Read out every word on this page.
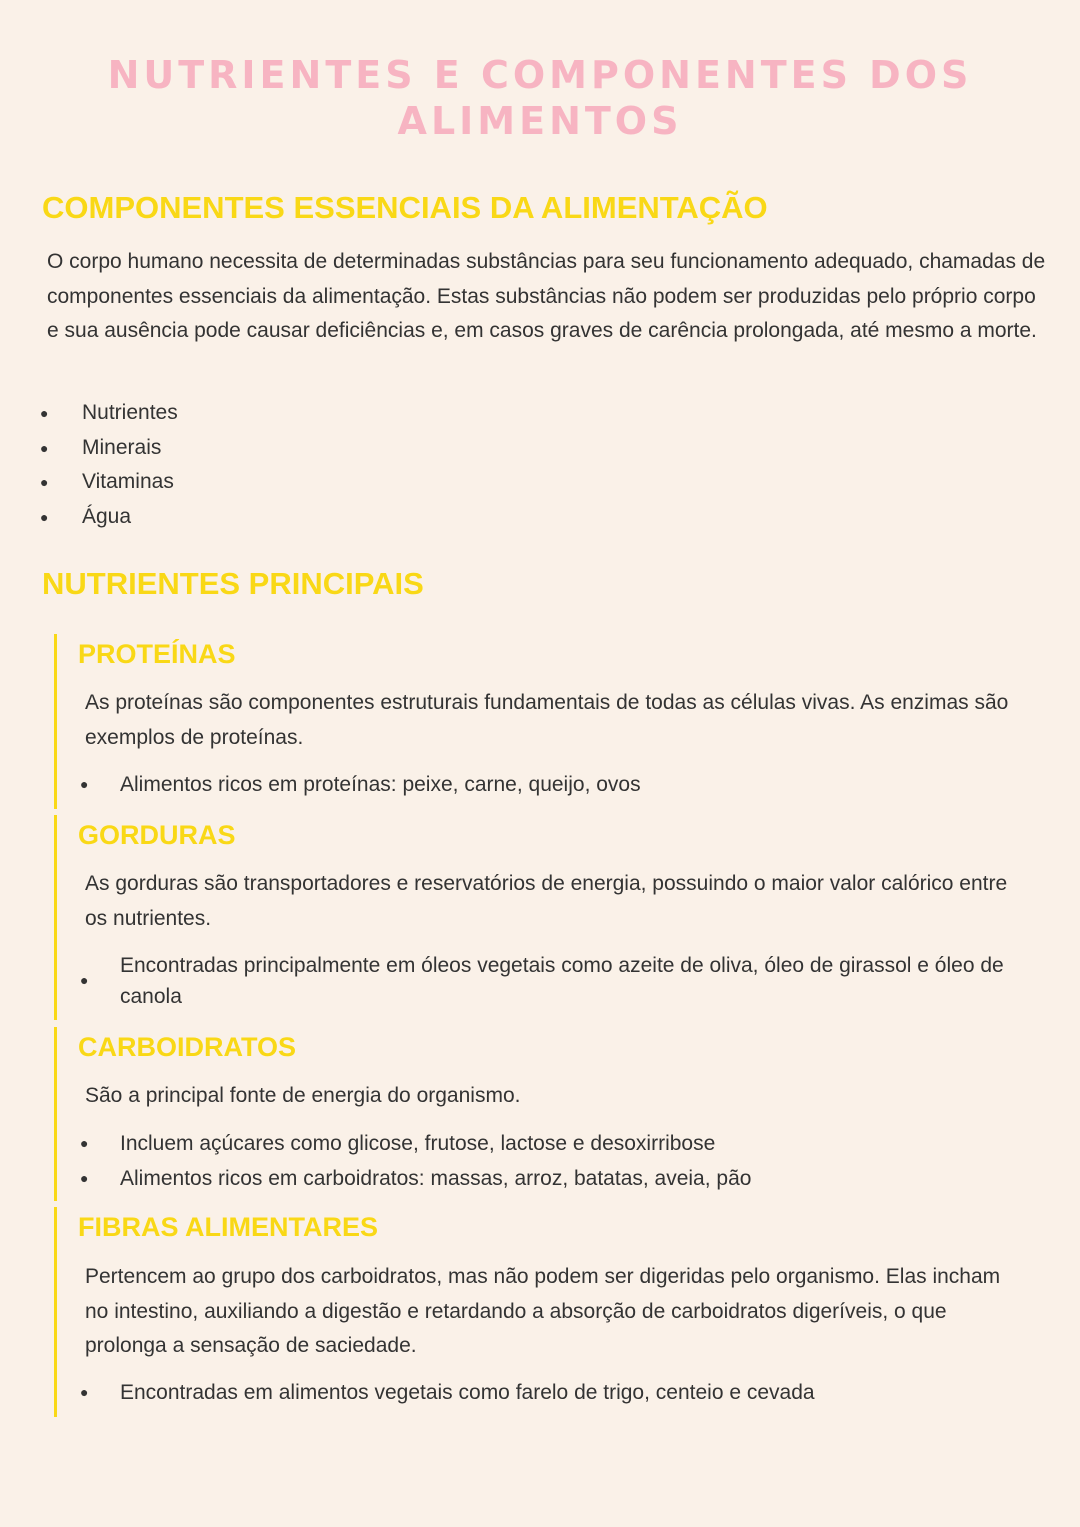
NUTRIENTES E COMPONENTES DOS
ALIMENTOS
COMPONENTES ESSENCIAIS DA ALIMENTAÇÃO
O corpo humano necessita de determinadas substâncias para seu funcionamento adequado, chamadas de componentes essenciais da alimentação. Estas substâncias não podem ser produzidas pelo próprio corpo e sua ausência pode causar deficiências e, em casos graves de carência prolongada, até mesmo a morte.
● Nutrientes
● Minerais
● Vitaminas
● Água
NUTRIENTES PRINCIPAIS
PROTEÍNAS
As proteínas são componentes estruturais fundamentais de todas as células vivas. As enzimas são exemplos de proteínas.
● Alimentos ricos em proteínas: peixe, carne, queijo, ovos
GORDURAS
As gorduras são transportadores e reservatórios de energia, possuindo o maior valor calórico entre os nutrientes.
●
Encontradas principalmente em óleos vegetais como azeite de oliva, óleo de girassol e óleo de canola
CARBOIDRATOS
São a principal fonte de energia do organismo.
● Incluem açúcares como glicose, frutose, lactose e desoxirribose
● Alimentos ricos em carboidratos: massas, arroz, batatas, aveia, pão
FIBRAS ALIMENTARES
Pertencem ao grupo dos carboidratos, mas não podem ser digeridas pelo organismo. Elas incham no intestino, auxiliando a digestão e retardando a absorção de carboidratos digeríveis, o que prolonga a sensação de saciedade.
● Encontradas em alimentos vegetais como farelo de trigo, centeio e cevada
